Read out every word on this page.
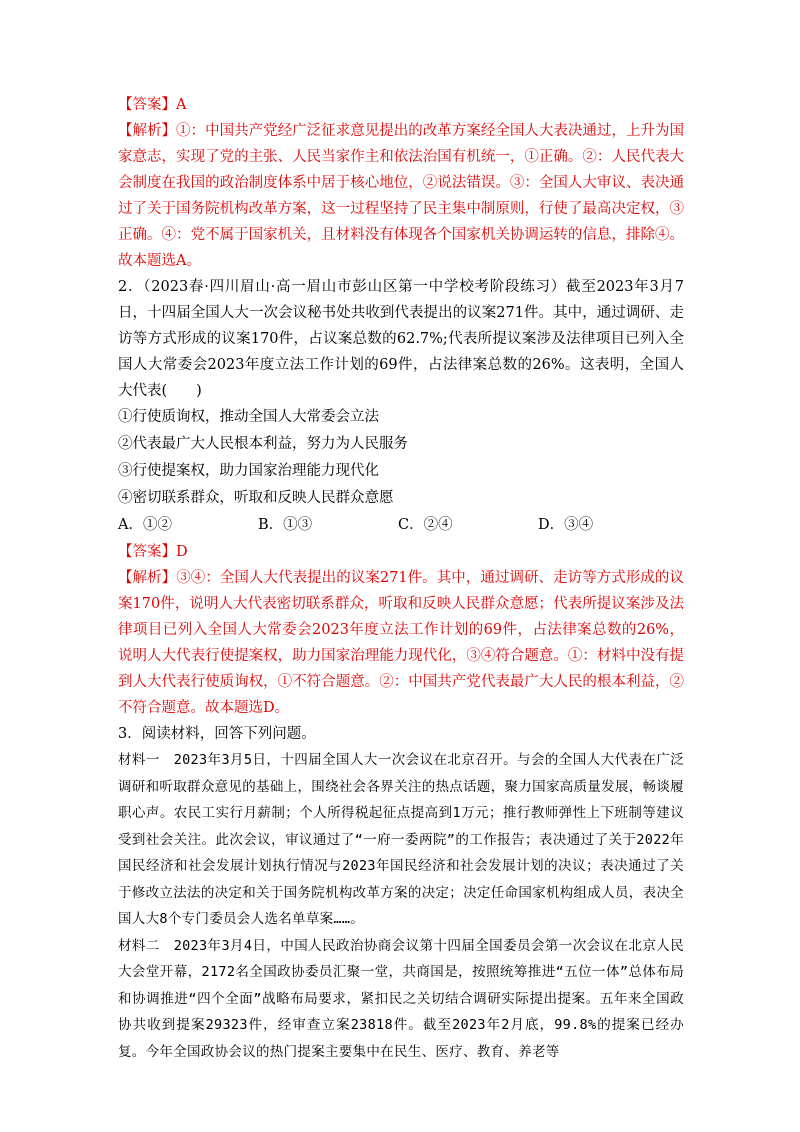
【答案】A

【解析】①：中国共产党经广泛征求意见提出的改革方案经全国人大表决通过，上升为国家意志，实现了党的主张、人民当家作主和依法治国有机统一，①正确。②：人民代表大会制度在我国的政治制度体系中居于核心地位，②说法错误。③：全国人大审议、表决通过了关于国务院机构改革方案，这一过程坚持了民主集中制原则，行使了最高决定权，③正确。④：党不属于国家机关，且材料没有体现各个国家机关协调运转的信息，排除④。故本题选A。

2．（2023春·四川眉山·高一眉山市彭山区第一中学校考阶段练习）截至2023年3月7日，十四届全国人大一次会议秘书处共收到代表提出的议案271件。其中，通过调研、走访等方式形成的议案170件，占议案总数的62.7%;代表所提议案涉及法律项目已列入全国人大常委会2023年度立法工作计划的69件，占法律案总数的26%。这表明，全国人大代表(　　)

①行使质询权，推动全国人大常委会立法

②代表最广大人民根本利益，努力为人民服务

③行使提案权，助力国家治理能力现代化

④密切联系群众，听取和反映人民群众意愿

A．①②	B．①③	C．②④	D．③④

【答案】D

【解析】③④：全国人大代表提出的议案271件。其中，通过调研、走访等方式形成的议案170件，说明人大代表密切联系群众，听取和反映人民群众意愿；代表所提议案涉及法律项目已列入全国人大常委会2023年度立法工作计划的69件，占法律案总数的26%，说明人大代表行使提案权，助力国家治理能力现代化，③④符合题意。①：材料中没有提到人大代表行使质询权，①不符合题意。②：中国共产党代表最广大人民的根本利益，②不符合题意。故本题选D。

3．阅读材料，回答下列问题。

材料一　2023年3月5日，十四届全国人大一次会议在北京召开。与会的全国人大代表在广泛调研和听取群众意见的基础上，围绕社会各界关注的热点话题，聚力国家高质量发展，畅谈履职心声。农民工实行月薪制；个人所得税起征点提高到1万元；推行教师弹性上下班制等建议受到社会关注。此次会议，审议通过了“一府一委两院”的工作报告；表决通过了关于2022年国民经济和社会发展计划执行情况与2023年国民经济和社会发展计划的决议；表决通过了关于修改立法法的决定和关于国务院机构改革方案的决定；决定任命国家机构组成人员，表决全国人大8个专门委员会人选名单草案……。

材料二　2023年3月4日，中国人民政治协商会议第十四届全国委员会第一次会议在北京人民大会堂开幕，2172名全国政协委员汇聚一堂，共商国是，按照统筹推进“五位一体”总体布局和协调推进“四个全面”战略布局要求，紧扣民之关切结合调研实际提出提案。五年来全国政协共收到提案29323件，经审查立案23818件。截至2023年2月底，99.8%的提案已经办复。今年全国政协会议的热门提案主要集中在民生、医疗、教育、养老等
